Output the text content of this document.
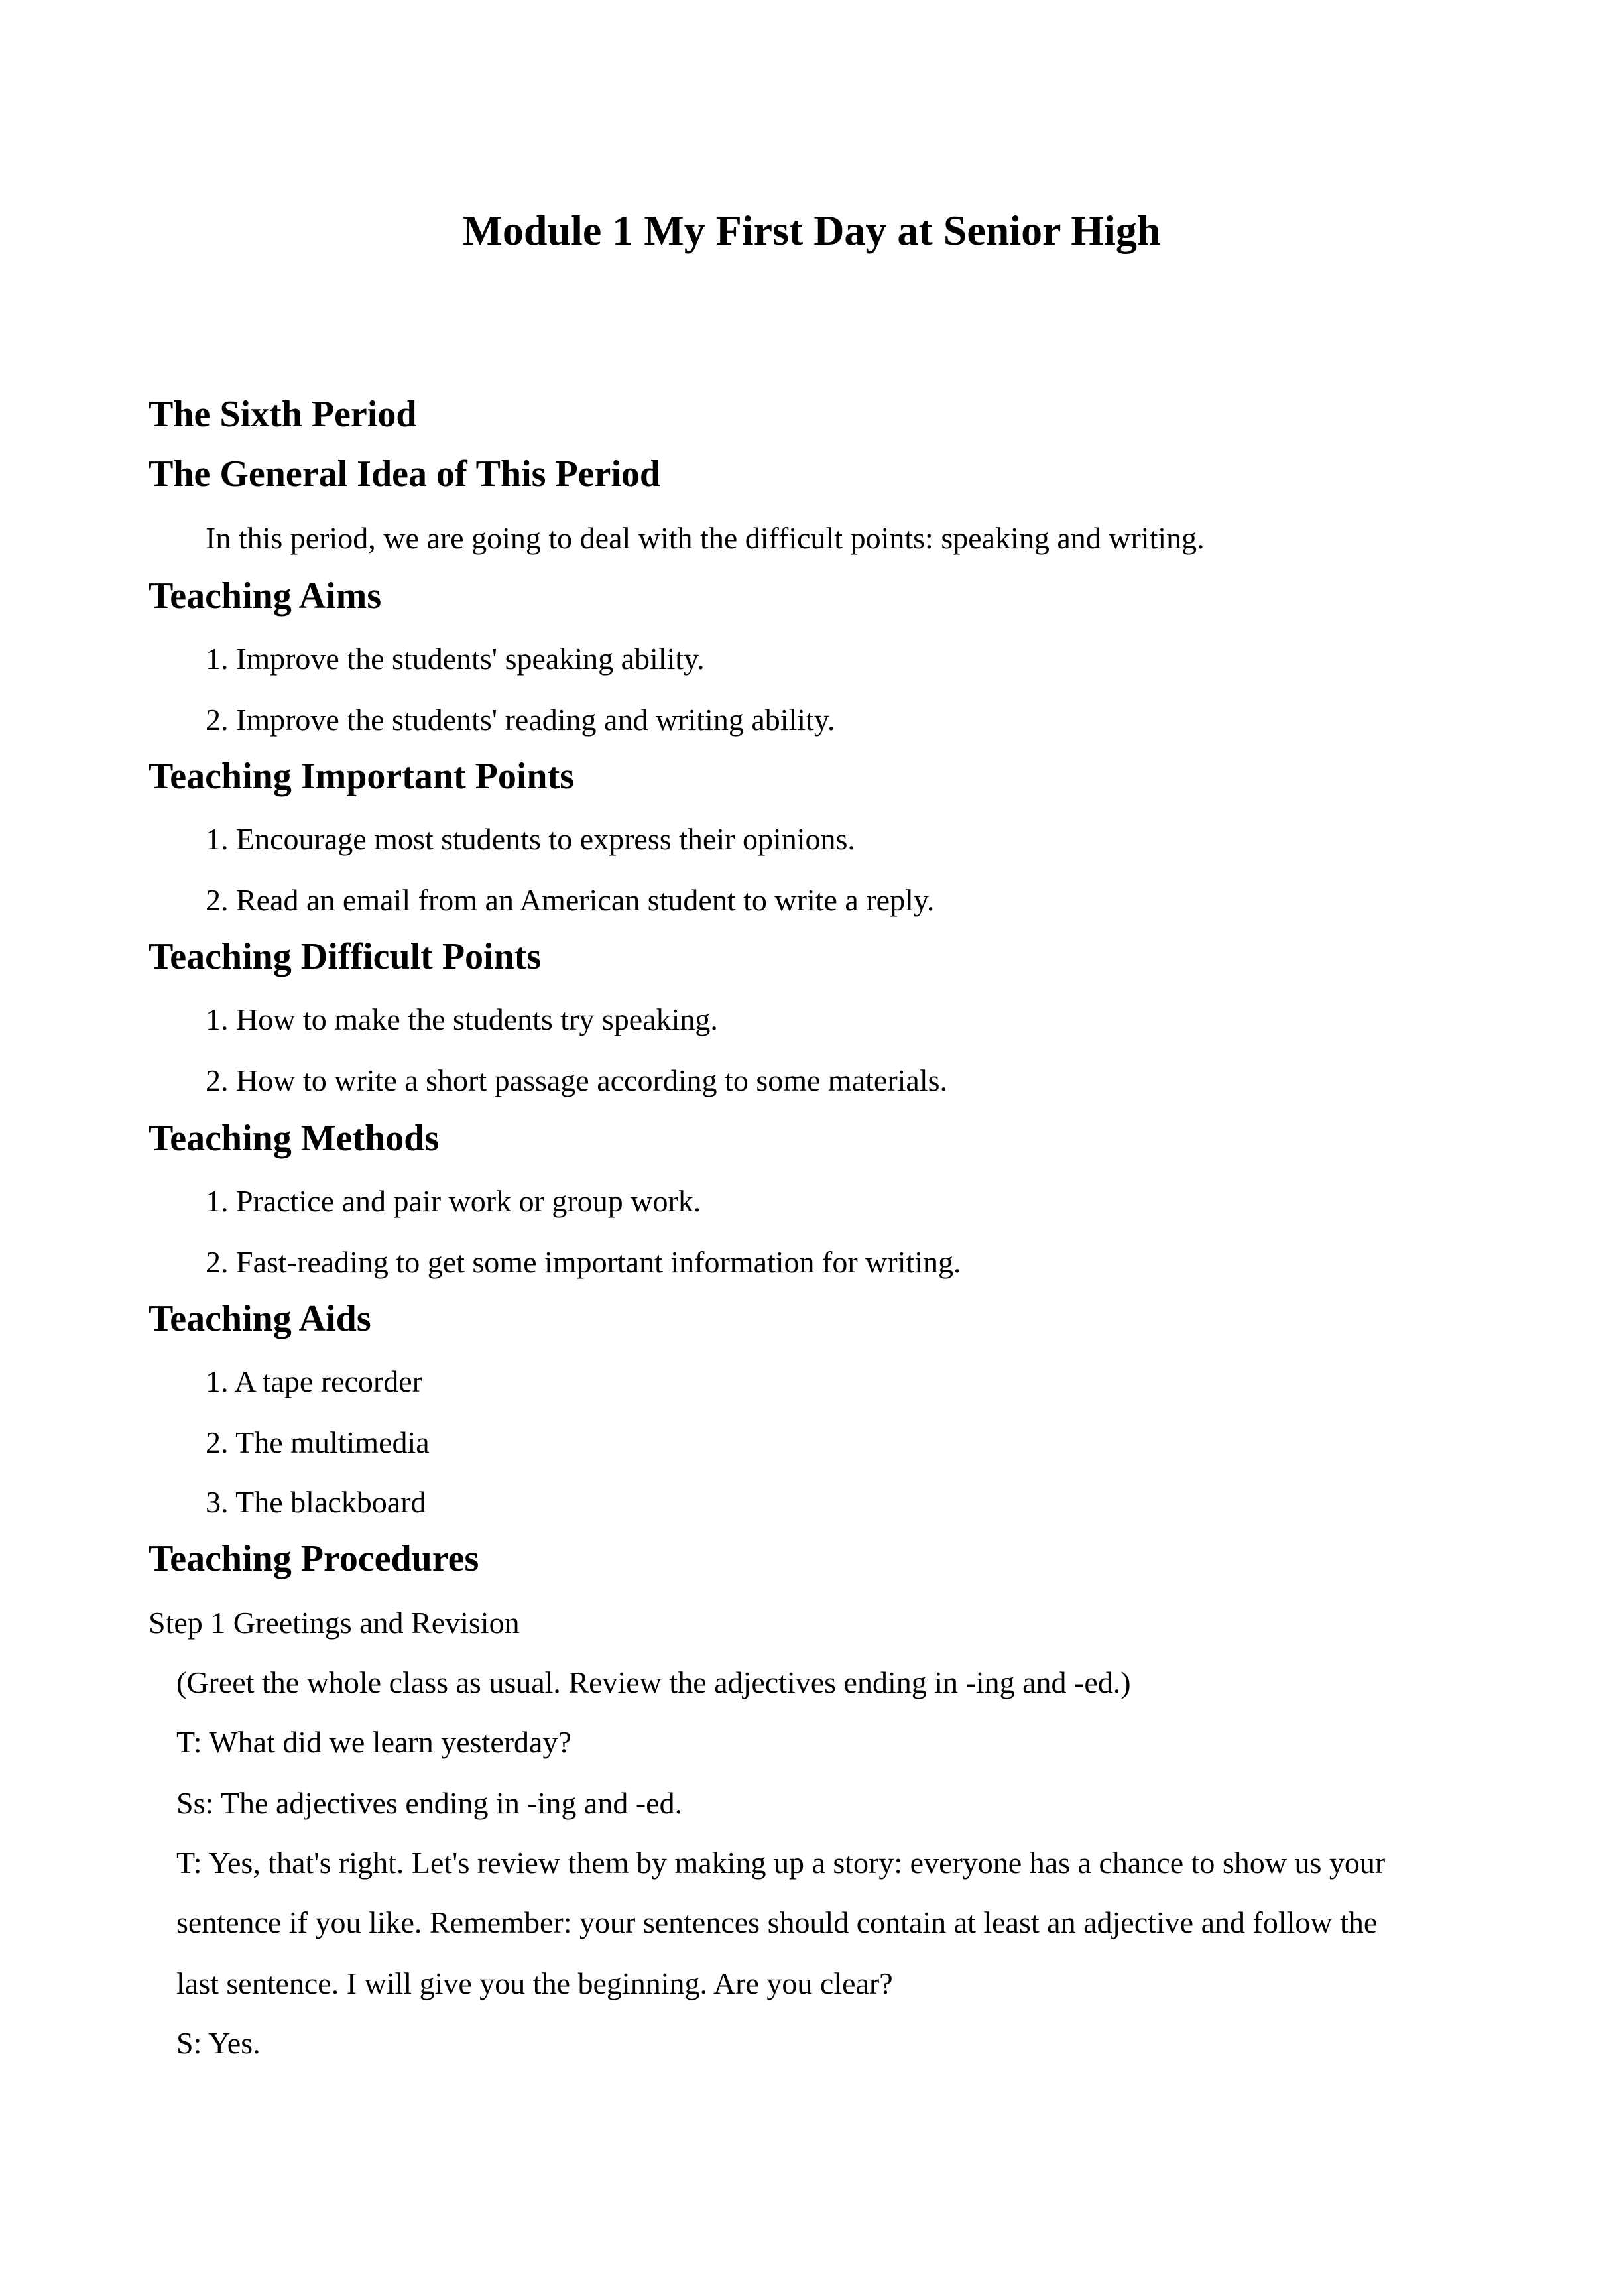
Module 1 My First Day at Senior High
The Sixth Period
The General Idea of This Period
In this period, we are going to deal with the difficult points: speaking and writing.
Teaching Aims
1. Improve the students' speaking ability.
2. Improve the students' reading and writing ability.
Teaching Important Points
1. Encourage most students to express their opinions.
2. Read an email from an American student to write a reply.
Teaching Difficult Points
1. How to make the students try speaking.
2. How to write a short passage according to some materials.
Teaching Methods
1. Practice and pair work or group work.
2. Fast-reading to get some important information for writing.
Teaching Aids
1. A tape recorder
2. The multimedia
3. The blackboard
Teaching Procedures
Step 1 Greetings and Revision
(Greet the whole class as usual. Review the adjectives ending in -ing and -ed.)
T: What did we learn yesterday?
Ss: The adjectives ending in -ing and -ed.
T: Yes, that's right. Let's review them by making up a story: everyone has a chance to show us your
sentence if you like. Remember: your sentences should contain at least an adjective and follow the
last sentence. I will give you the beginning. Are you clear?
S: Yes.
